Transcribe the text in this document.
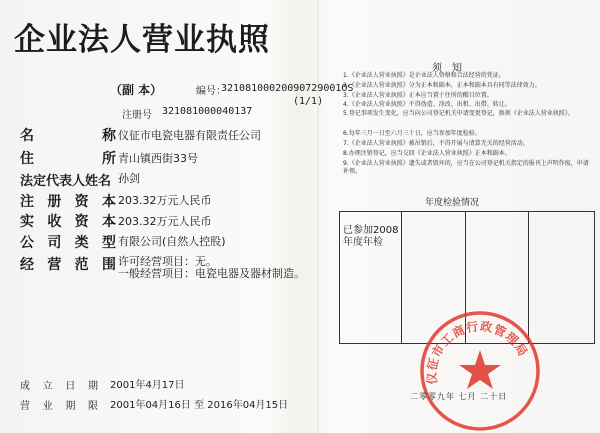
企业法人营业执照
（副 本）	编号：
32108100020090729001OS
(1/1)
注册号 321081000040137
名	称 仪征市电瓷电器有限责任公司
住	所 青山镇西街33号
法定代表人姓名 孙剑
注 册 资 本 203.32万元人民币
实 收 资 本 203.32万元人民币
公 司 类 型 有限公司(自然人控股)
经 营 范 围 许可经营项目：无。
一般经营项目：电瓷电器及器材制造。
成 立 日 期 2001年4月17日
营 业 期 限 2001年04月16日 至 2016年04月15日
须知
1.《企业法人营业执照》是企业法人资格和合法经营的凭证。
2.《企业法人营业执照》分为正本和副本，正本和副本具有同等法律效力。
3.《企业法人营业执照》正本应当置于住所的醒目位置。
4.《企业法人营业执照》不得伪造、涂改、出租、出借、转让。
5.登记事项发生变化，应当向公司登记机关申请变更登记，换领《企业法人营业执照》。
6.每年三月一日至六月三十日，应当参加年度检验。
7.《企业法人营业执照》被吊销后，不得开展与清算无关的经营活动。
8.办理注销登记，应当交回《企业法人营业执照》正本和副本。
9.《企业法人营业执照》遗失或者毁坏的，应当在公司登记机关指定的报刊上声明作废，申请补领。
年度检验情况
已参加2008年度年检

仪征市工商行政管理局
二零零九年 七月 二十日
